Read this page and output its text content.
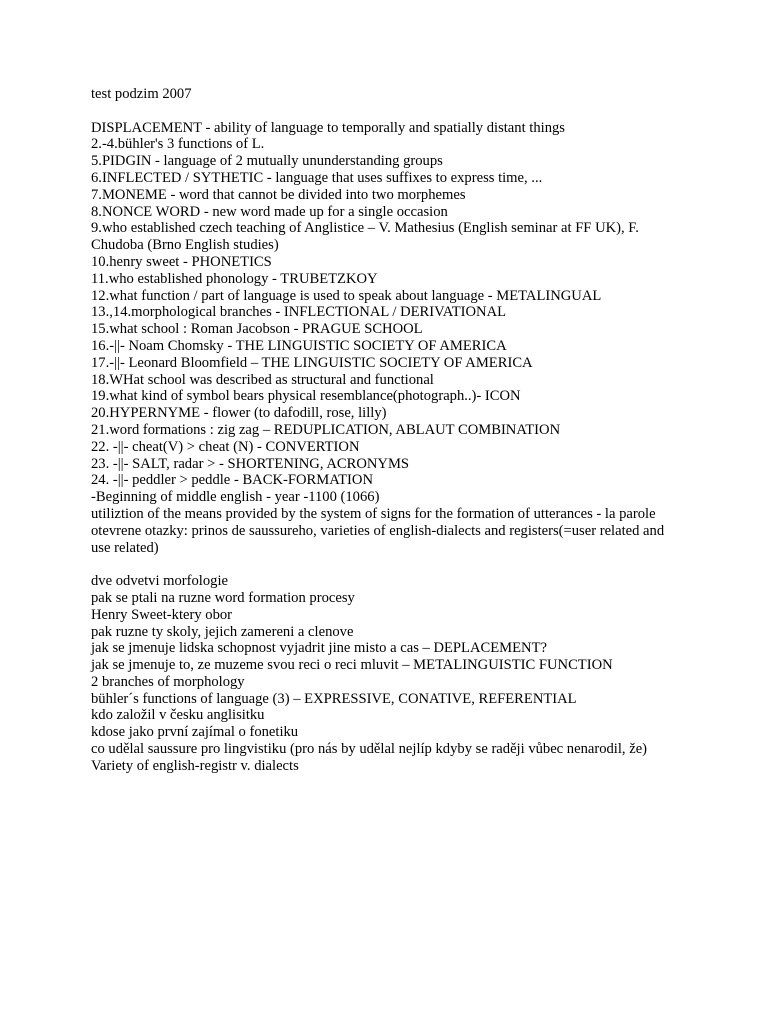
test podzim 2007
DISPLACEMENT - ability of language to temporally and spatially distant things
2.-4.bühler's 3 functions of L.
5.PIDGIN - language of 2 mutually ununderstanding groups
6.INFLECTED / SYTHETIC - language that uses suffixes to express time, ...
7.MONEME - word that cannot be divided into two morphemes
8.NONCE WORD - new word made up for a single occasion
9.who established czech teaching of Anglistice – V. Mathesius (English seminar at FF UK), F. Chudoba (Brno English studies)
10.henry sweet - PHONETICS
11.who established phonology - TRUBETZKOY
12.what function / part of language is used to speak about language - METALINGUAL
13.,14.morphological branches - INFLECTIONAL / DERIVATIONAL
15.what school : Roman Jacobson - PRAGUE SCHOOL
16.-||- Noam Chomsky - THE LINGUISTIC SOCIETY OF AMERICA
17.-||- Leonard Bloomfield – THE LINGUISTIC SOCIETY OF AMERICA
18.WHat school was described as structural and functional
19.what kind of symbol bears physical resemblance(photograph..)- ICON
20.HYPERNYME - flower (to dafodill, rose, lilly)
21.word formations : zig zag – REDUPLICATION, ABLAUT COMBINATION
22. -||- cheat(V) > cheat (N) - CONVERTION
23. -||- SALT, radar > - SHORTENING, ACRONYMS
24. -||- peddler > peddle - BACK-FORMATION
-Beginning of middle english - year -1100 (1066)
utiliztion of the means provided by the system of signs for the formation of utterances - la parole
otevrene otazky: prinos de saussureho, varieties of english-dialects and registers(=user related and use related)
dve odvetvi morfologie
pak se ptali na ruzne word formation procesy
Henry Sweet-ktery obor
pak ruzne ty skoly, jejich zamereni a clenove
jak se jmenuje lidska schopnost vyjadrit jine misto a cas – DEPLACEMENT?
jak se jmenuje to, ze muzeme svou reci o reci mluvit – METALINGUISTIC FUNCTION
2 branches of morphology
bühler´s functions of language (3) – EXPRESSIVE, CONATIVE, REFERENTIAL
kdo založil v česku anglisitku
kdose jako první zajímal o fonetiku
co udělal saussure pro lingvistiku (pro nás by udělal nejlíp kdyby se raději vůbec nenarodil, že)
Variety of english-registr v. dialects
